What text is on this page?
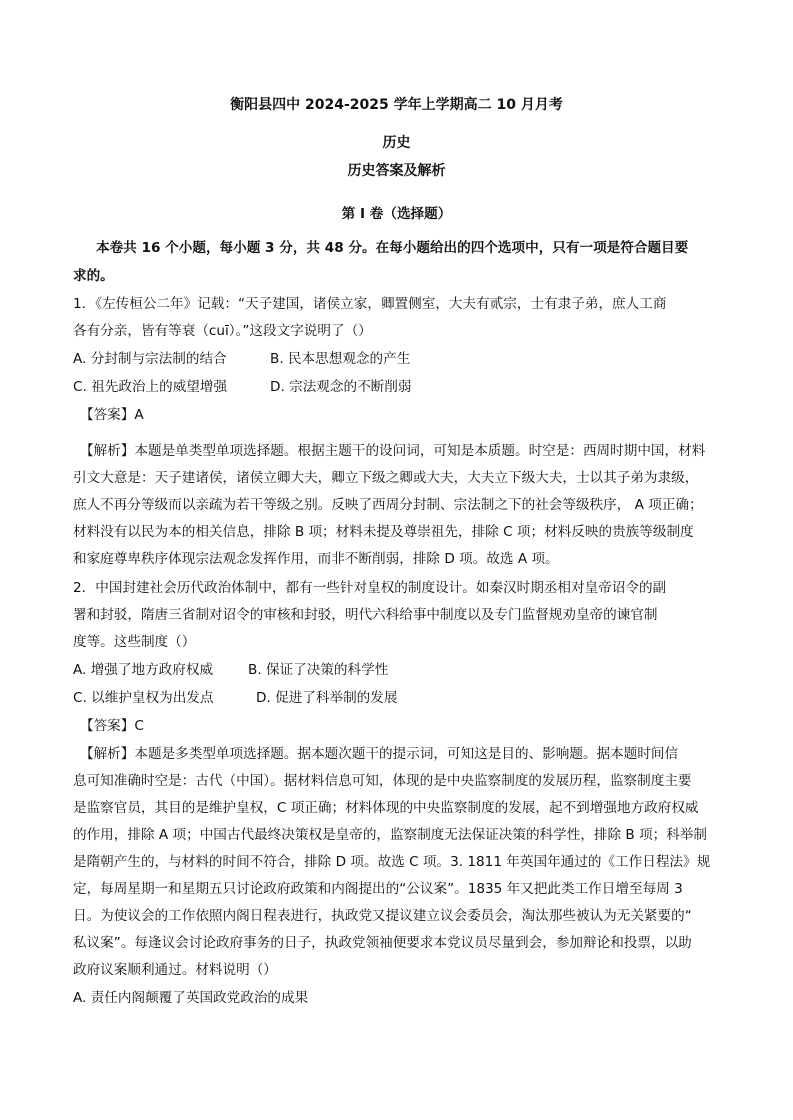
衡阳县四中 2024-2025 学年上学期高二 10 月月考
历史
历史答案及解析
第 I 卷（选择题）
本卷共 16 个小题，每小题 3 分，共 48 分。在每小题给出的四个选项中，只有一项是符合题目要
求的。
1．《左传桓公二年》记载：“天子建国，诸侯立家，卿置侧室，大夫有贰宗，士有隶子弟，庶人工商
各有分亲，皆有等衰（cuī）。”这段文字说明了（）
A. 分封制与宗法制的结合	B. 民本思想观念的产生
C. 祖先政治上的威望增强	D. 宗法观念的不断削弱
【答案】A
【解析】本题是单类型单项选择题。根据主题干的设问词，可知是本质题。时空是：西周时期中国，材料
引文大意是：天子建诸侯，诸侯立卿大夫，卿立下级之卿或大夫，大夫立下级大夫，士以其子弟为隶级，
庶人不再分等级而以亲疏为若干等级之别。反映了西周分封制、宗法制之下的社会等级秩序， A 项正确；
材料没有以民为本的相关信息，排除 B 项；材料未提及尊崇祖先，排除 C 项；材料反映的贵族等级制度
和家庭尊卑秩序体现宗法观念发挥作用，而非不断削弱，排除 D 项。故选 A 项。
2．中国封建社会历代政治体制中，都有一些针对皇权的制度设计。如秦汉时期丞相对皇帝诏令的副
署和封驳，隋唐三省制对诏令的审核和封驳，明代六科给事中制度以及专门监督规劝皇帝的谏官制
度等。这些制度（）
A. 增强了地方政府权威	B. 保证了决策的科学性
C. 以维护皇权为出发点	D. 促进了科举制的发展
【答案】C
【解析】本题是多类型单项选择题。据本题次题干的提示词，可知这是目的、影响题。据本题时间信
息可知准确时空是：古代（中国）。据材料信息可知，体现的是中央监察制度的发展历程，监察制度主要
是监察官员，其目的是维护皇权，C 项正确；材料体现的中央监察制度的发展，起不到增强地方政府权威
的作用，排除 A 项；中国古代最终决策权是皇帝的，监察制度无法保证决策的科学性，排除 B 项；科举制
是隋朝产生的，与材料的时间不符合，排除 D 项。故选 C 项。3. 1811 年英国年通过的《工作日程法》规
定，每周星期一和星期五只讨论政府政策和内阁提出的“公议案”。1835 年又把此类工作日增至每周 3
日。为使议会的工作依照内阁日程表进行，执政党又提议建立议会委员会，淘汰那些被认为无关紧要的“
私议案”。每逢议会讨论政府事务的日子，执政党领袖便要求本党议员尽量到会，参加辩论和投票，以助
政府议案顺利通过。材料说明（）
A. 责任内阁颠覆了英国政党政治的成果
